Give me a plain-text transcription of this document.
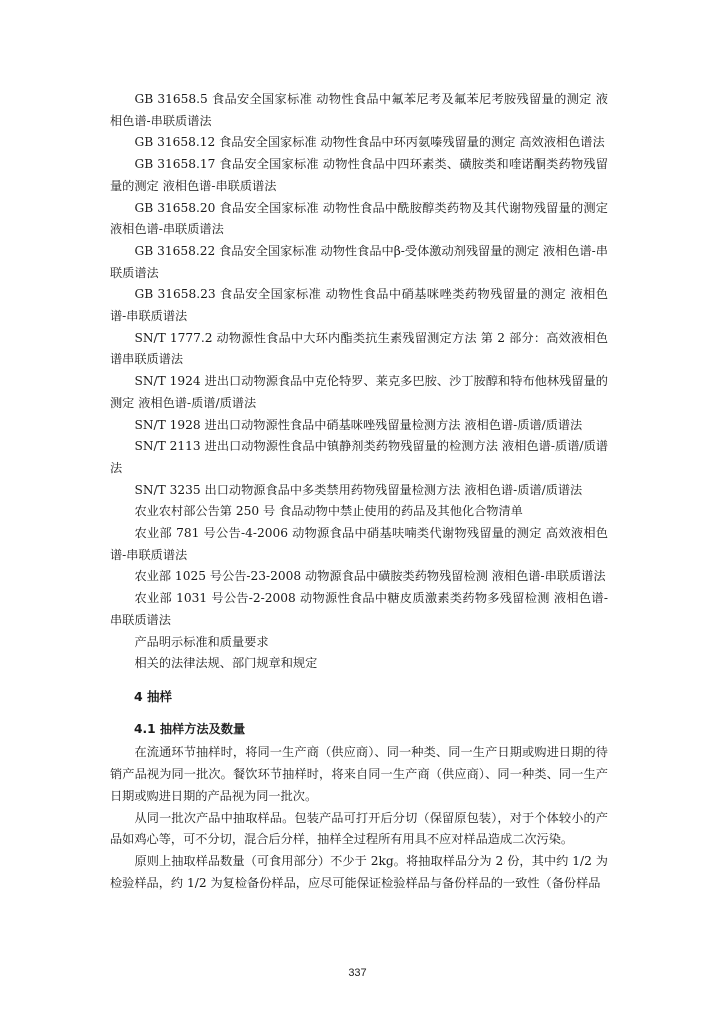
GB 31658.5 食品安全国家标准 动物性食品中氟苯尼考及氟苯尼考胺残留量的测定 液相色谱-串联质谱法

GB 31658.12 食品安全国家标准 动物性食品中环丙氨嗪残留量的测定 高效液相色谱法

GB 31658.17 食品安全国家标准 动物性食品中四环素类、磺胺类和喹诺酮类药物残留量的测定 液相色谱-串联质谱法

GB 31658.20 食品安全国家标准 动物性食品中酰胺醇类药物及其代谢物残留量的测定 液相色谱-串联质谱法

GB 31658.22 食品安全国家标准 动物性食品中β-受体激动剂残留量的测定 液相色谱-串联质谱法

GB 31658.23 食品安全国家标准 动物性食品中硝基咪唑类药物残留量的测定 液相色谱-串联质谱法

SN/T 1777.2 动物源性食品中大环内酯类抗生素残留测定方法 第 2 部分：高效液相色谱串联质谱法

SN/T 1924 进出口动物源食品中克伦特罗、莱克多巴胺、沙丁胺醇和特布他林残留量的测定 液相色谱-质谱/质谱法

SN/T 1928 进出口动物源性食品中硝基咪唑残留量检测方法 液相色谱-质谱/质谱法

SN/T 2113 进出口动物源性食品中镇静剂类药物残留量的检测方法 液相色谱-质谱/质谱法

SN/T 3235 出口动物源食品中多类禁用药物残留量检测方法 液相色谱-质谱/质谱法

农业农村部公告第 250 号 食品动物中禁止使用的药品及其他化合物清单

农业部 781 号公告-4-2006 动物源食品中硝基呋喃类代谢物残留量的测定 高效液相色谱-串联质谱法

农业部 1025 号公告-23-2008 动物源食品中磺胺类药物残留检测 液相色谱-串联质谱法

农业部 1031 号公告-2-2008 动物源性食品中糖皮质激素类药物多残留检测 液相色谱-串联质谱法

产品明示标准和质量要求

相关的法律法规、部门规章和规定

4 抽样
4.1 抽样方法及数量

在流通环节抽样时，将同一生产商（供应商）、同一种类、同一生产日期或购进日期的待销产品视为同一批次。餐饮环节抽样时，将来自同一生产商（供应商）、同一种类、同一生产日期或购进日期的产品视为同一批次。

从同一批次产品中抽取样品。包装产品可打开后分切（保留原包装），对于个体较小的产品如鸡心等，可不分切，混合后分样，抽样全过程所有用具不应对样品造成二次污染。

原则上抽取样品数量（可食用部分）不少于 2kg。将抽取样品分为 2 份，其中约 1/2 为检验样品，约 1/2 为复检备份样品，应尽可能保证检验样品与备份样品的一致性（备份样品

337
